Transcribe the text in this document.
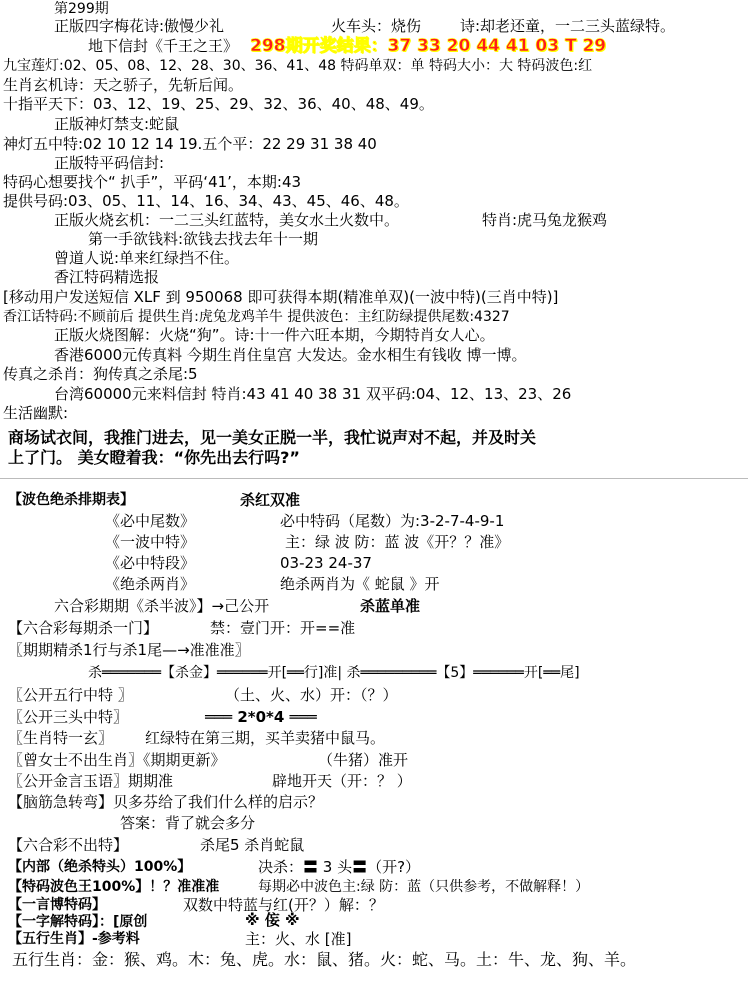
第299期
正版四字梅花诗:傲慢少礼	火车头：烧伤	诗:却老还童，一二三头蓝绿特。
地下信封《千王之王》
九宝莲灯:02、05、08、12、28、30、36、41、48 特码单双：单 特码大小：大 特码波色:红
生肖玄机诗：天之骄子，先斩后闻。
十指平天下：03、12、19、25、29、32、36、40、48、49。
正版神灯禁支:蛇鼠
神灯五中特:02 10 12 14 19.五个平：22 29 31 38 40
正版特平码信封:
特码心想要找个“ 扒手”，平码‘41’，本期:43
提供号码:03、05、11、14、16、34、43、45、46、48。
正版火烧玄机：一二三头红蓝特，美女水土火数中。	特肖:虎马兔龙猴鸡
第一手欲钱料:欲钱去找去年十一期
曾道人说:单来红绿挡不住。
香江特码精选报
[移动用户发送短信 XLF 到 950068 即可获得本期(精准单双)(一波中特)(三肖中特)]
香江话特码:不顾前后 提供生肖:虎兔龙鸡羊牛 提供波色：主红防绿提供尾数:4327
正版火烧图解：火烧“狗”。诗:十一件六旺本期，今期特肖女人心。
香港6000元传真料 今期生肖住皇宫 大发达。金水相生有钱收 博一博。
传真之杀肖：狗传真之杀尾:5
台湾60000元来料信封 特肖:43 41 40 38 31 双平码:04、12、13、23、26
生活幽默:
商场试衣间，我推门进去，见一美女正脱一半，我忙说声对不起，并及时关
上了门。 美女瞪着我：“你先出去行吗?”
【波色绝杀排期表】	杀红双准
《必中尾数》	必中特码（尾数）为:3-2-7-4-9-1
《一波中特》	主：绿 波 防：蓝 波《开？？准》
《必中特段》	03-23 24-37
《绝杀两肖》	绝杀两肖为《 蛇鼠 》开
六合彩期期《杀半波》】→己公开	杀蓝单准
【六合彩每期杀一门】	禁：壹门开：开==准
〖期期精杀1行与杀1尾—→准准准〗
杀═══════【杀金】══════开[══行]准| 杀═════════【5】══════开[══尾]
〖公开五行中特 〗	（土、火、水）开：（？）
〖公开三头中特〗	═══ 2*0*4 ═══
〖生肖特一玄〗 红绿特在第三期，买羊卖猪中鼠马。
〖曾女士不出生肖〗《期期更新》	（牛猪）准开
〖公开金言玉语〗期期准	辟地开天（开：？ ）
【脑筋急转弯】贝多芬给了我们什么样的启示？
答案：背了就会多分
【六合彩不出特】	杀尾5 杀肖蛇鼠
【内部（绝杀特头）100%】	决杀：〓 3 头〓（开?）
【特码波色王100%】！？准准准	每期必中波色主:绿 防：蓝（只供参考，不做解释！）
【一言博特码】	双数中特蓝与红(开？）解：？
【一字解特码】：[原创	※ 侫 ※
【五行生肖】-参考料	主：火、水 [准]
五行生肖：金：猴、鸡。木：兔、虎。水：鼠、猪。火：蛇、马。土：牛、龙、狗、羊。
298期开奖结果：37 33 20 44 41 03 T 29
